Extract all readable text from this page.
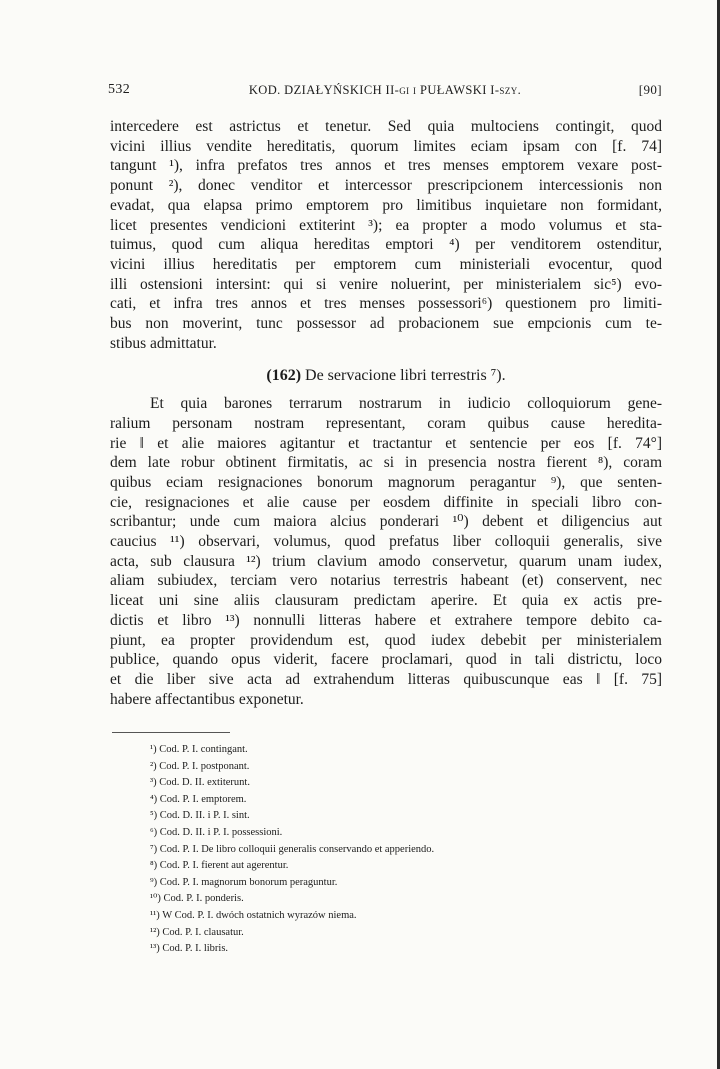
532	KOD. DZIAŁYŃSKICH II-gi i PUŁAWSKI I-szy.	[90]

intercedere est astrictus et tenetur. Sed quia multociens contingit, quod

vicini illius vendite hereditatis, quorum limites eciam ipsam con [f. 74]

tangunt ¹), infra prefatos tres annos et tres menses emptorem vexare post-

ponunt ²), donec venditor et intercessor prescripcionem intercessionis non

evadat, qua elapsa primo emptorem pro limitibus inquietare non formidant,

licet presentes vendicioni extiterint ³); ea propter a modo volumus et sta-

tuimus, quod cum aliqua hereditas emptori ⁴) per venditorem ostenditur,

vicini illius hereditatis per emptorem cum ministeriali evocentur, quod

illi ostensioni intersint: qui si venire noluerint, per ministerialem sic⁵) evo-

cati, et infra tres annos et tres menses possessori⁶) questionem pro limiti-

bus non moverint, tunc possessor ad probacionem sue empcionis cum te-

stibus admittatur.

(162) De servacione libri terrestris ⁷).

Et quia barones terrarum nostrarum in iudicio colloquiorum gene-

ralium personam nostram representant, coram quibus cause heredita-

rie ‖ et alie maiores agitantur et tractantur et sentencie per eos [f. 74°]

dem late robur obtinent firmitatis, ac si in presencia nostra fierent ⁸), coram

quibus eciam resignaciones bonorum magnorum peragantur ⁹), que senten-

cie, resignaciones et alie cause per eosdem diffinite in speciali libro con-

scribantur; unde cum maiora alcius ponderari ¹⁰) debent et diligencius aut

caucius ¹¹) observari, volumus, quod prefatus liber colloquii generalis, sive

acta, sub clausura ¹²) trium clavium amodo conservetur, quarum unam iudex,

aliam subiudex, terciam vero notarius terrestris habeant (et) conservent, nec

liceat uni sine aliis clausuram predictam aperire. Et quia ex actis pre-

dictis et libro ¹³) nonnulli litteras habere et extrahere tempore debito ca-

piunt, ea propter providendum est, quod iudex debebit per ministerialem

publice, quando opus viderit, facere proclamari, quod in tali districtu, loco

et die liber sive acta ad extrahendum litteras quibuscunque eas ‖ [f. 75]

habere affectantibus exponetur.

¹) Cod. P. I. contingant.
²) Cod. P. I. postponant.
³) Cod. D. II. extiterunt.
⁴) Cod. P. I. emptorem.
⁵) Cod. D. II. i P. I. sint.
⁶) Cod. D. II. i P. I. possessioni.
⁷) Cod. P. I. De libro colloquii generalis conservando et apperiendo.
⁸) Cod. P. I. fierent aut agerentur.
⁹) Cod. P. I. magnorum bonorum peraguntur.
¹⁰) Cod. P. I. ponderis.
¹¹) W Cod. P. I. dwóch ostatnich wyrazów niema.
¹²) Cod. P. I. clausatur.
¹³) Cod. P. I. libris.
